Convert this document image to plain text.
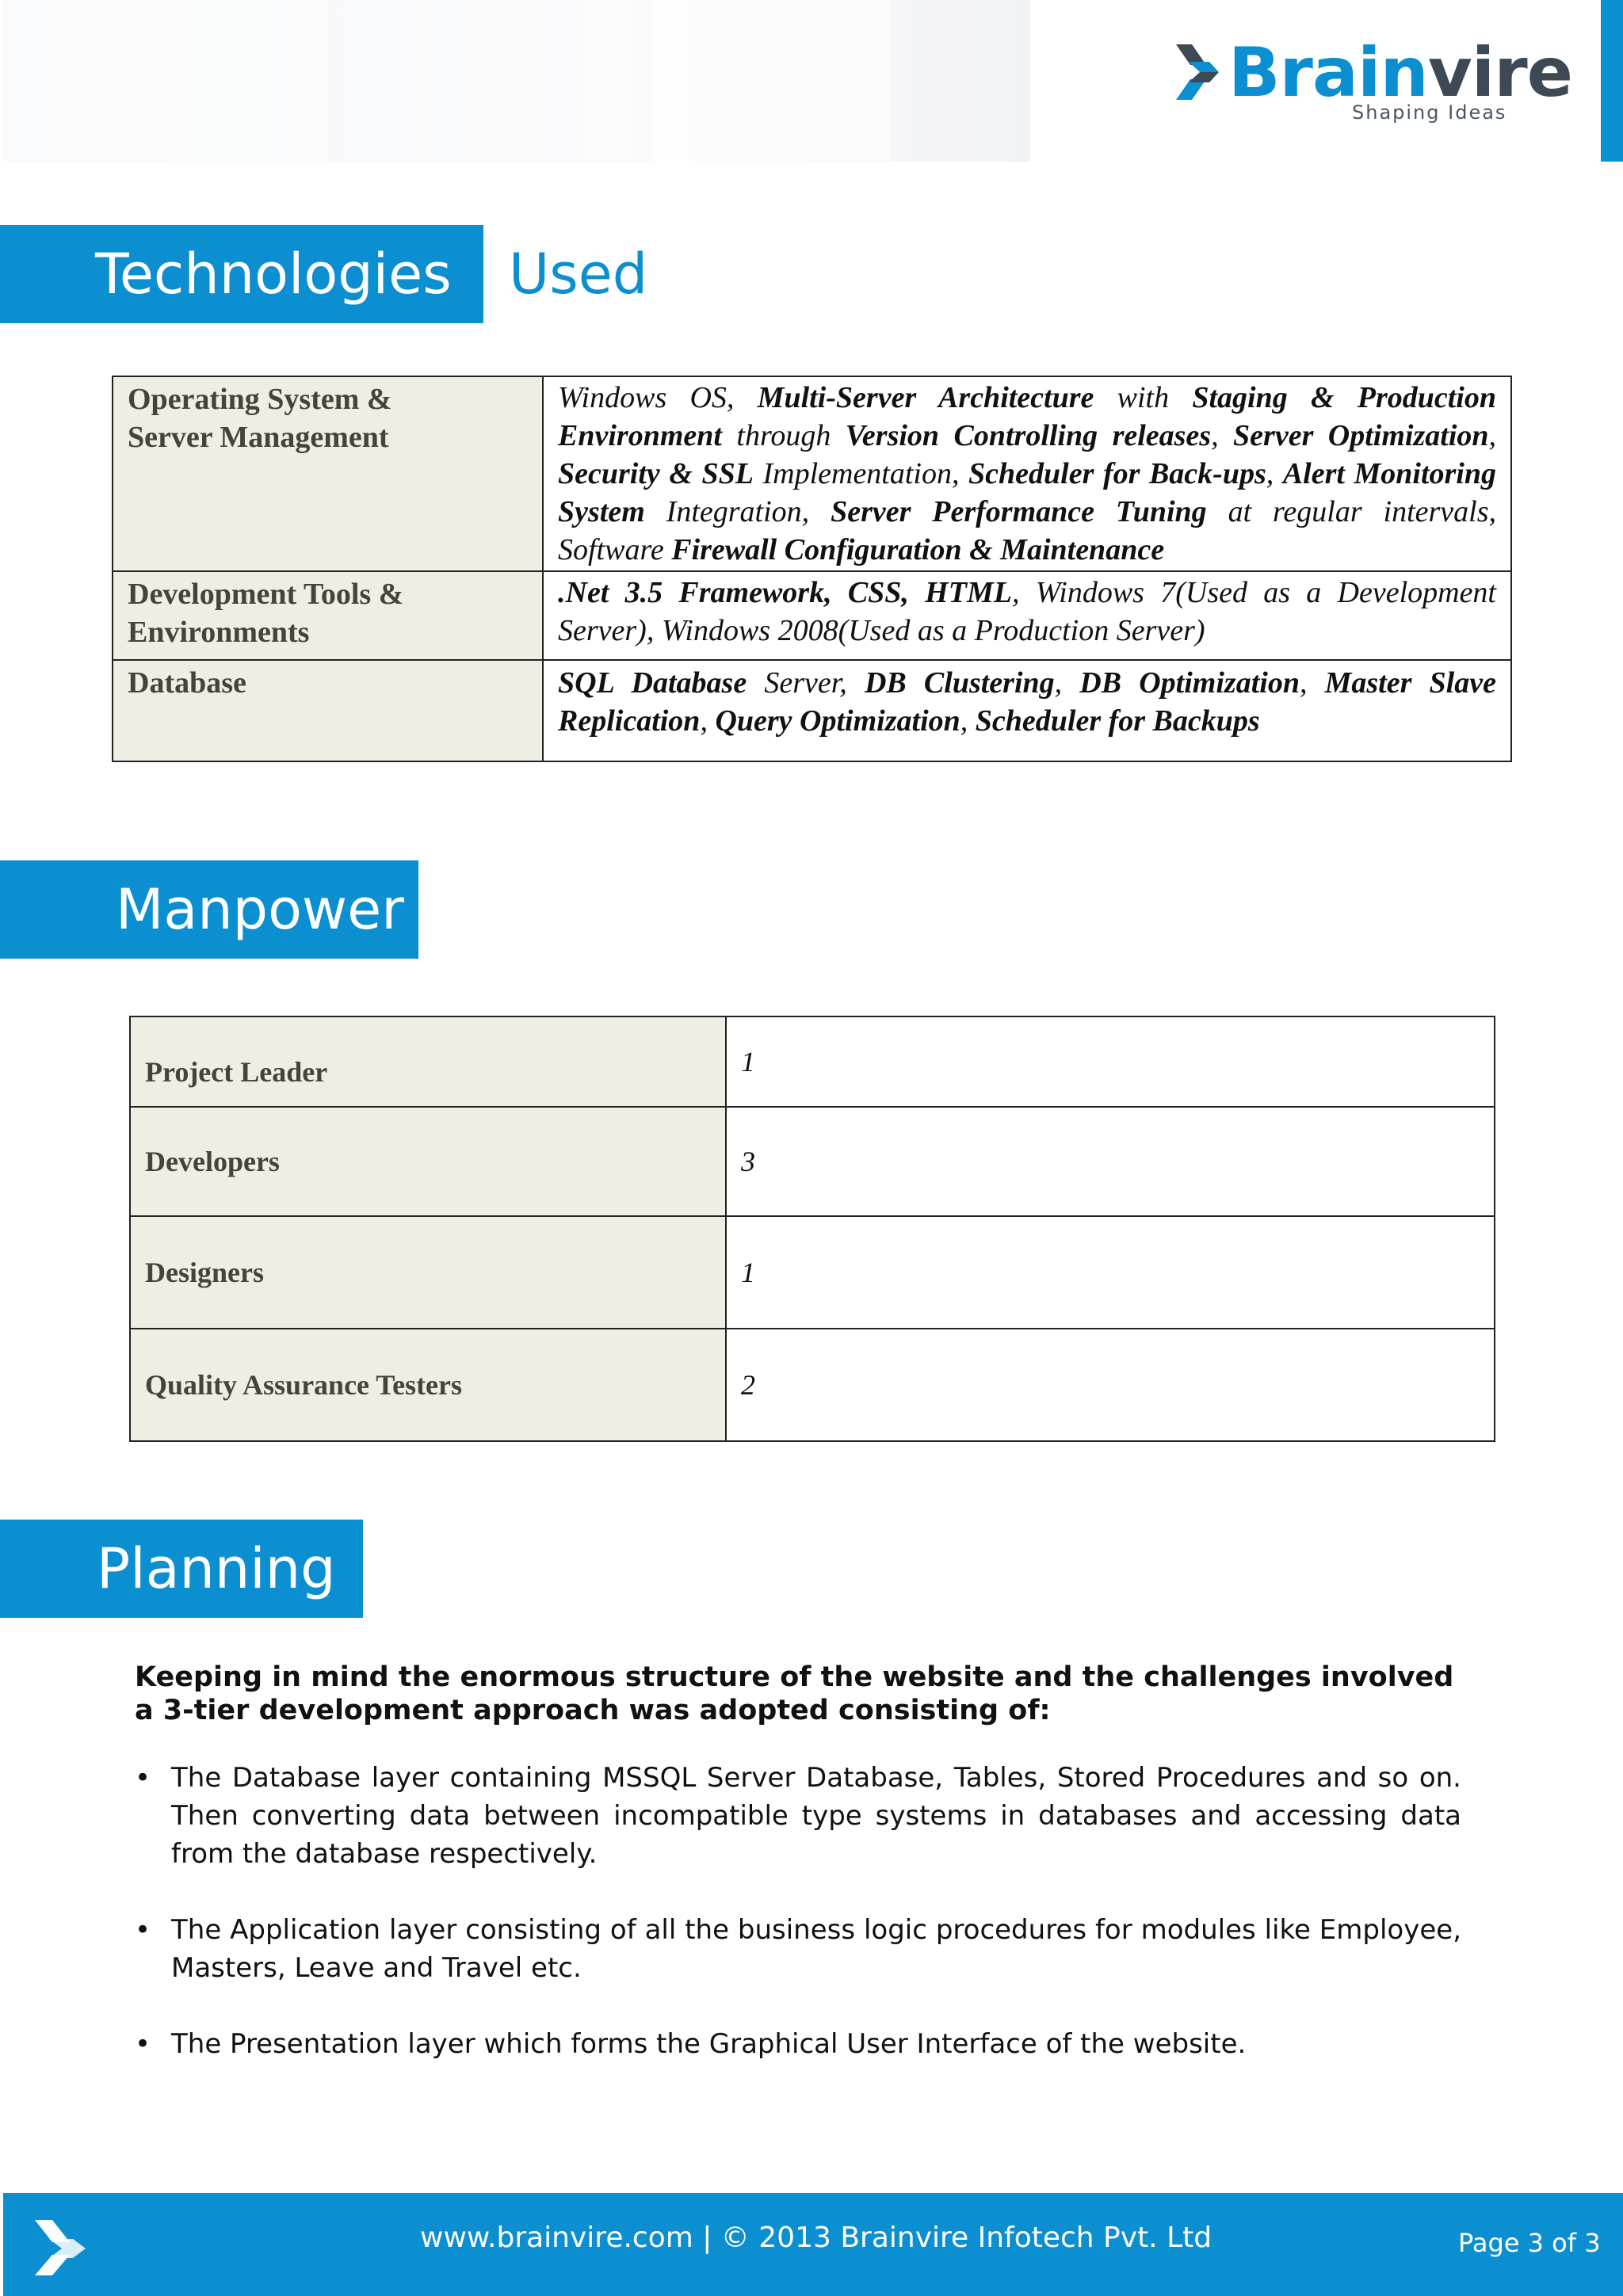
Brainvire
Shaping Ideas
Technologies	Used
Operating System &
Server Management	Windows OS, Multi-Server Architecture with Staging & Production Environment through Version Controlling releases, Server Optimization, Security & SSL Implementation, Scheduler for Back-ups, Alert Monitoring System Integration, Server Performance Tuning at regular intervals, Software Firewall Configuration & Maintenance
Development Tools &
Environments	.Net 3.5 Framework, CSS, HTML, Windows 7(Used as a Development Server), Windows 2008(Used as a Production Server)
Database	SQL Database Server, DB Clustering, DB Optimization, Master Slave Replication, Query Optimization, Scheduler for Backups
Manpower
Project Leader	1
Developers	3
Designers	1
Quality Assurance Testers	2
Planning
Keeping in mind the enormous structure of the website and the challenges involved a 3-tier development approach was adopted consisting of:
• The Database layer containing MSSQL Server Database, Tables, Stored Procedures and so on. Then converting data between incompatible type systems in databases and accessing data from the database respectively.
• The Application layer consisting of all the business logic procedures for modules like Employee, Masters, Leave and Travel etc.
• The Presentation layer which forms the Graphical User Interface of the website.
www.brainvire.com | © 2013 Brainvire Infotech Pvt. Ltd	Page 3 of 3
